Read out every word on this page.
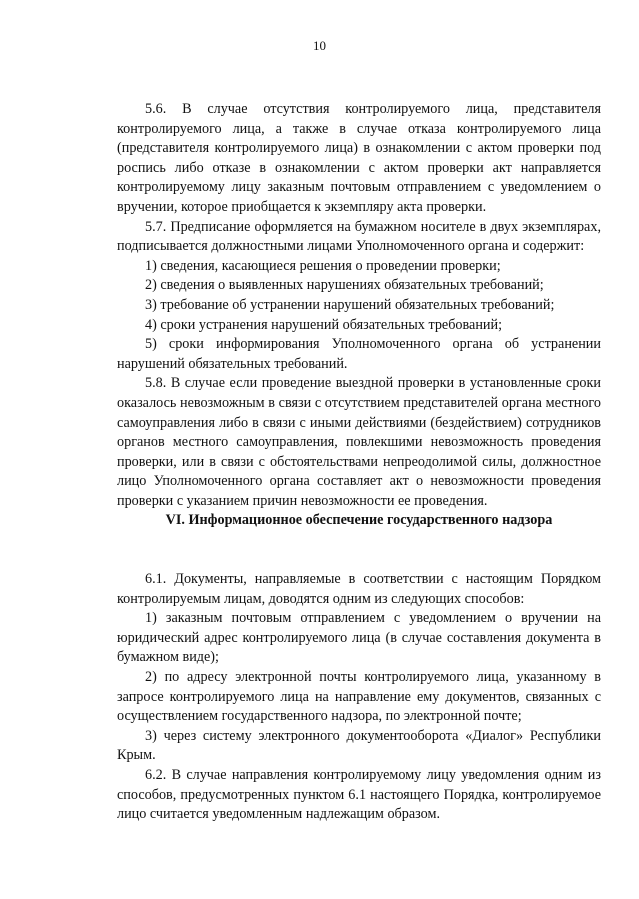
10

5.6. В случае отсутствия контролируемого лица, представителя контролируемого лица, а также в случае отказа контролируемого лица (представителя контролируемого лица) в ознакомлении с актом проверки под роспись либо отказе в ознакомлении с актом проверки акт направляется контролируемому лицу заказным почтовым отправлением с уведомлением о вручении, которое приобщается к экземпляру акта проверки.

5.7. Предписание оформляется на бумажном носителе в двух экземплярах, подписывается должностными лицами Уполномоченного органа и содержит:

1) сведения, касающиеся решения о проведении проверки;

2) сведения о выявленных нарушениях обязательных требований;

3) требование об устранении нарушений обязательных требований;

4) сроки устранения нарушений обязательных требований;

5) сроки информирования Уполномоченного органа об устранении нарушений обязательных требований.

5.8. В случае если проведение выездной проверки в установленные сроки оказалось невозможным в связи с отсутствием представителей органа местного самоуправления либо в связи с иными действиями (бездействием) сотрудников органов местного самоуправления, повлекшими невозможность проведения проверки, или в связи с обстоятельствами непреодолимой силы, должностное лицо Уполномоченного органа составляет акт о невозможности проведения проверки с указанием причин невозможности ее проведения.

VI. Информационное обеспечение государственного надзора

6.1. Документы, направляемые в соответствии с настоящим Порядком контролируемым лицам, доводятся одним из следующих способов:

1) заказным почтовым отправлением с уведомлением о вручении на юридический адрес контролируемого лица (в случае составления документа в бумажном виде);

2) по адресу электронной почты контролируемого лица, указанному в запросе контролируемого лица на направление ему документов, связанных с осуществлением государственного надзора, по электронной почте;

3) через систему электронного документооборота «Диалог» Республики Крым.

6.2. В случае направления контролируемому лицу уведомления одним из способов, предусмотренных пунктом 6.1 настоящего Порядка, контролируемое лицо считается уведомленным надлежащим образом.
